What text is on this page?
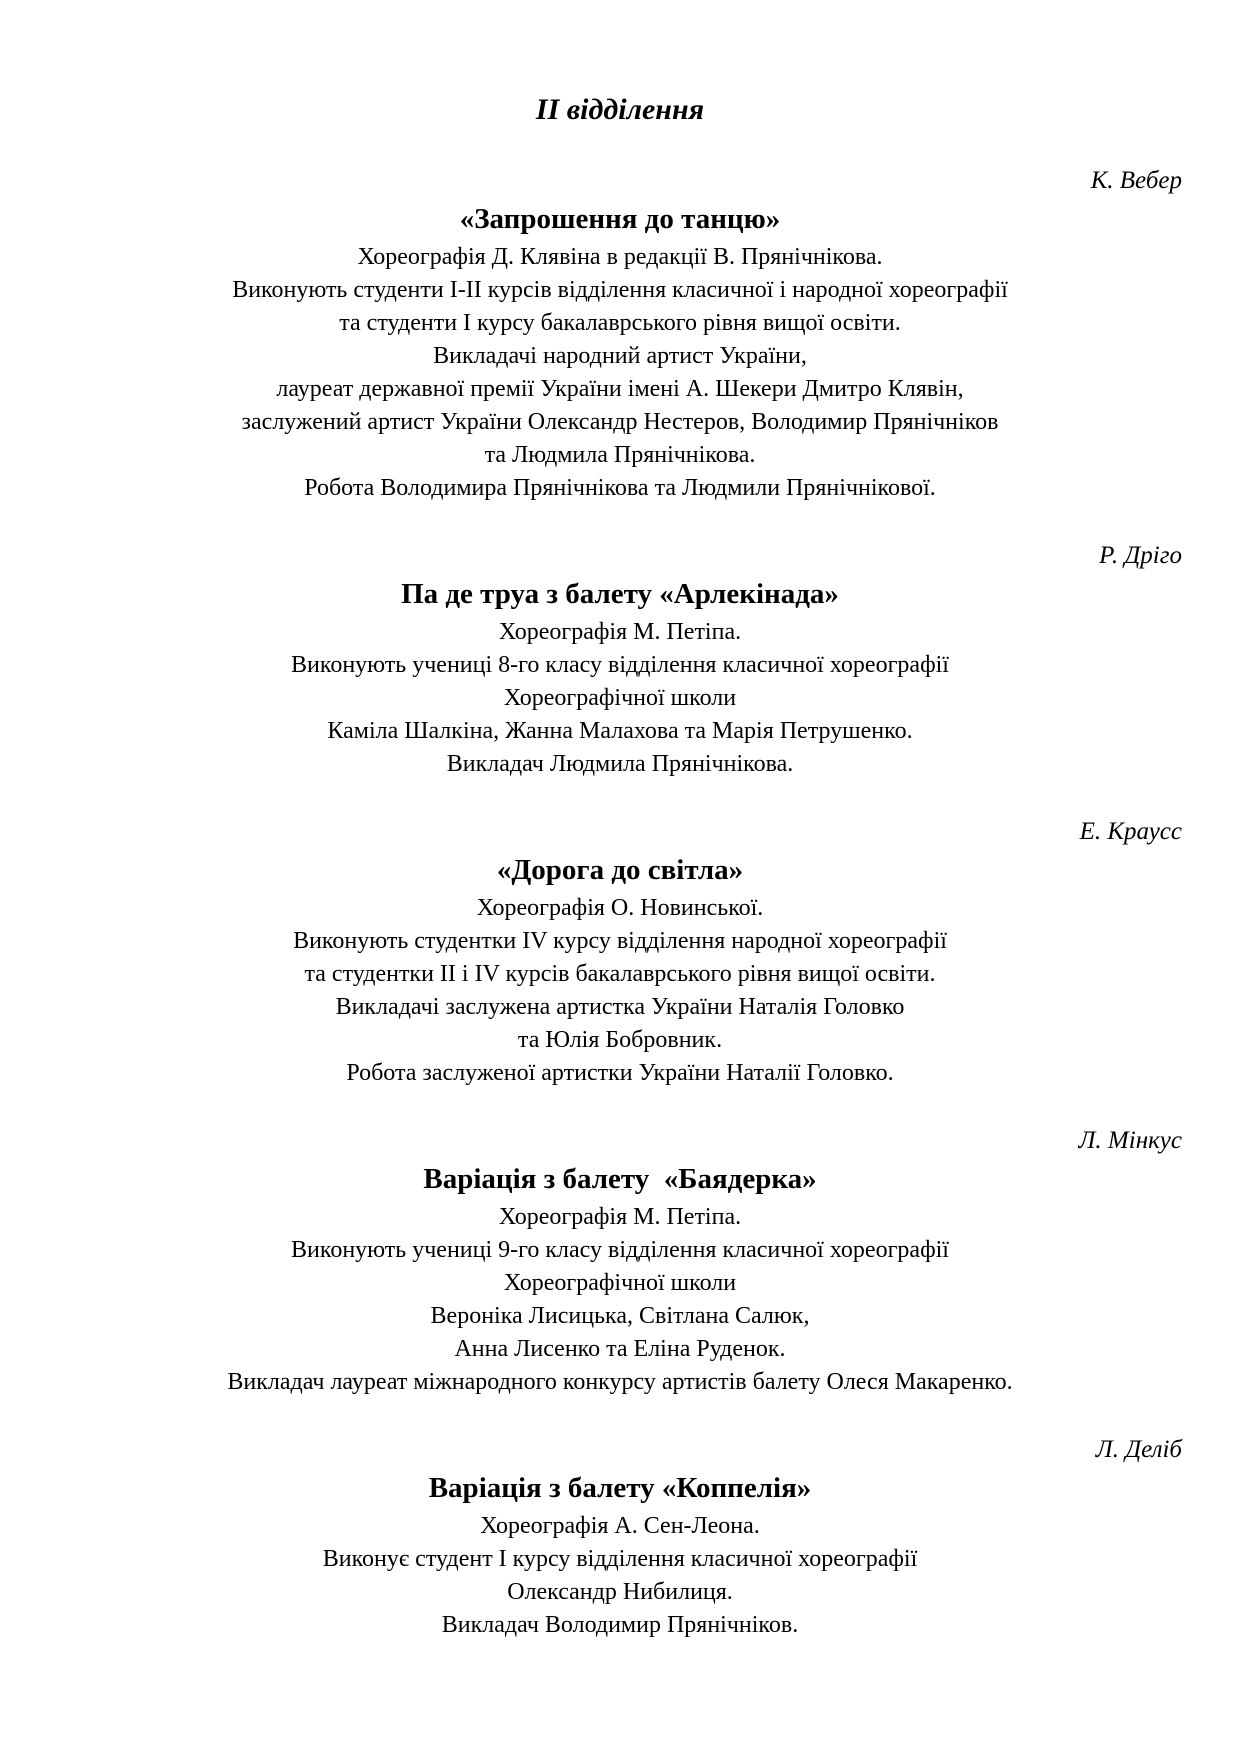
II відділення
К. Вебер
«Запрошення до танцю»
Хореографія Д. Клявіна в редакції В. Прянічнікова.
Виконують студенти I-II курсів відділення класичної і народної хореографії
та студенти I курсу бакалаврського рівня вищої освіти.
Викладачі народний артист України,
лауреат державної премії України імені А. Шекери Дмитро Клявін,
заслужений артист України Олександр Нестеров, Володимир Прянічніков
та Людмила Прянічнікова.
Робота Володимира Прянічнікова та Людмили Прянічнікової.
Р. Дріго
Па де труа з балету «Арлекінада»
Хореографія М. Петіпа.
Виконують учениці 8-го класу відділення класичної хореографії
Хореографічної школи
Каміла Шалкіна, Жанна Малахова та Марія Петрушенко.
Викладач Людмила Прянічнікова.
Е. Краусс
«Дорога до світла»
Хореографія О. Новинської.
Виконують студентки IV курсу відділення народної хореографії
та студентки II і IV курсів бакалаврського рівня вищої освіти.
Викладачі заслужена артистка України Наталія Головко
та Юлія Бобровник.
Робота заслуженої артистки України Наталії Головко.
Л. Мінкус
Варіація з балету  «Баядерка»
Хореографія М. Петіпа.
Виконують учениці 9-го класу відділення класичної хореографії
Хореографічної школи
Вероніка Лисицька, Світлана Салюк,
Анна Лисенко та Еліна Руденок.
Викладач лауреат міжнародного конкурсу артистів балету Олеся Макаренко.
Л. Деліб
Варіація з балету «Коппелія»
Хореографія А. Сен-Леона.
Виконує студент I курсу відділення класичної хореографії
Олександр Нибилиця.
Викладач Володимир Прянічніков.
